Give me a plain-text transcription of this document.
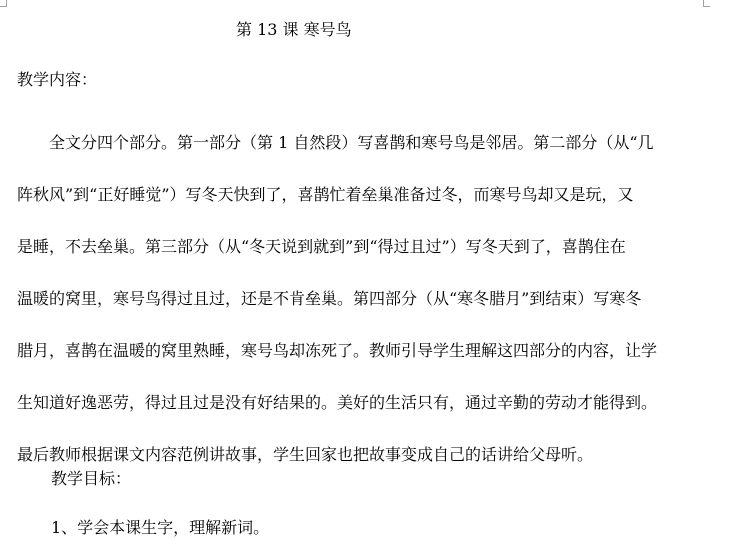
第 13 课 寒号鸟
教学内容：
　　全文分四个部分。第一部分（第 1 自然段）写喜鹊和寒号鸟是邻居。第二部分（从“几
阵秋风”到“正好睡觉”）写冬天快到了，喜鹊忙着垒巢准备过冬，而寒号鸟却又是玩，又
是睡，不去垒巢。第三部分（从“冬天说到就到”到“得过且过”）写冬天到了，喜鹊住在
温暖的窝里，寒号鸟得过且过，还是不肯垒巢。第四部分（从“寒冬腊月”到结束）写寒冬
腊月，喜鹊在温暖的窝里熟睡，寒号鸟却冻死了。教师引导学生理解这四部分的内容，让学
生知道好逸恶劳，得过且过是没有好结果的。美好的生活只有，通过辛勤的劳动才能得到。
最后教师根据课文内容范例讲故事，学生回家也把故事变成自己的话讲给父母听。
教学目标：
1、学会本课生字，理解新词。
